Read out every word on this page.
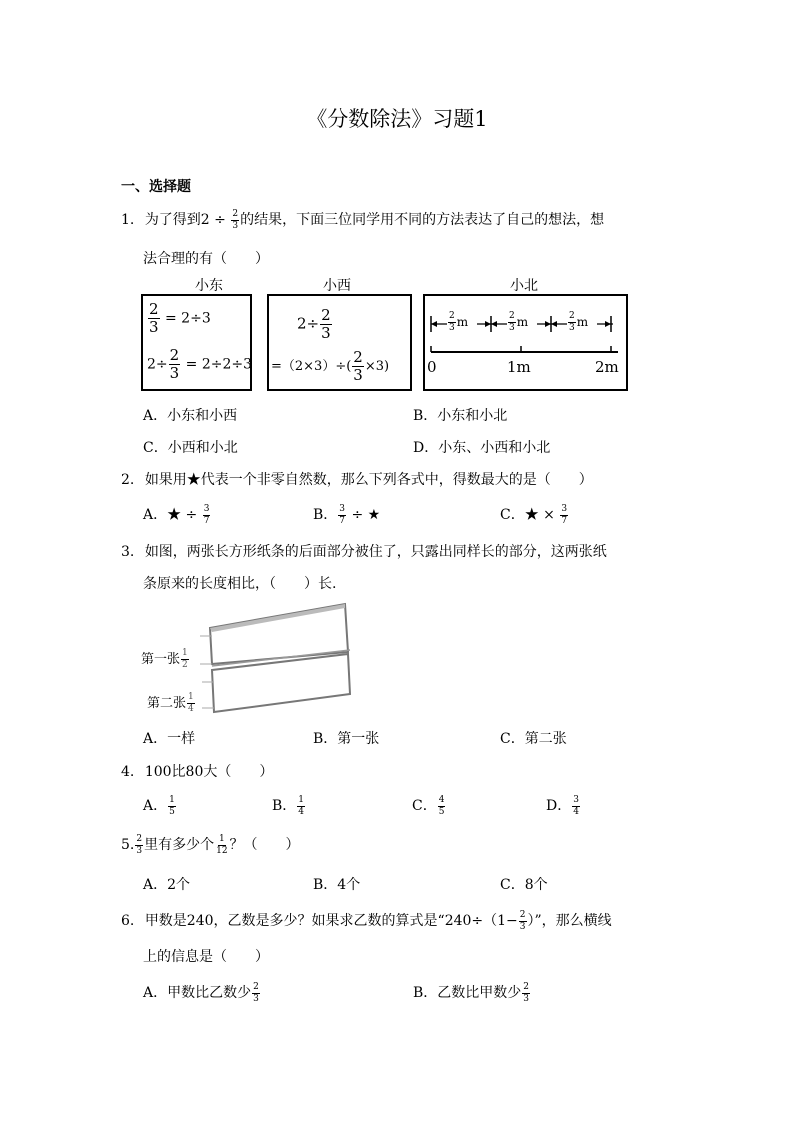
《分数除法》习题1
一、选择题
1. 为了得到$2 \div \frac{2}{3}$ 的结果，下面三位同学用不同的方法表达了自己的想法，想
法合理的有（　　）
小东	小西	小北
$\frac{2}{3} = 2\div 3$
$2\div \frac{2}{3} = 2\div 2\div 3$
$2\div \frac{2}{3}$
$=(2\times 3)\div( \frac{2}{3} \times 3)$
$\frac{2}{3}$ m	$\frac{2}{3}$ m	$\frac{2}{3}$ m
0	1m	2m
A．小东和小西	B．小东和小北
C．小西和小北	D．小东、小西和小北
2. 如果用★代表一个非零自然数，那么下列各式中，得数最大的是（　　）
A．★ ÷ $\frac{3}{7}$	B． $\frac{3}{7}$ ÷ ★	C．★ × $\frac{3}{7}$
3. 如图，两张长方形纸条的后面部分被住了，只露出同样长的部分，这两张纸
条原来的长度相比，（　　）长.
第一张 $\frac{1}{2}$
第二张 $\frac{1}{4}$
A．一样	B．第一张	C．第二张
4. 100比80大（　　）
A． $\frac{1}{5}$	B． $\frac{1}{4}$	C． $\frac{4}{5}$	D． $\frac{3}{4}$
5. $\frac{2}{3}$ 里有多少个 $\frac{1}{12}$ ？（　　）
A．2个	B．4个	C．8个
6. 甲数是240，乙数是多少？如果求乙数的算式是“$240\div(1- \frac{2}{3}$ ）”，那么横线
上的信息是（　　）
A．甲数比乙数少 $\frac{2}{3}$	B．乙数比甲数少 $\frac{2}{3}$
